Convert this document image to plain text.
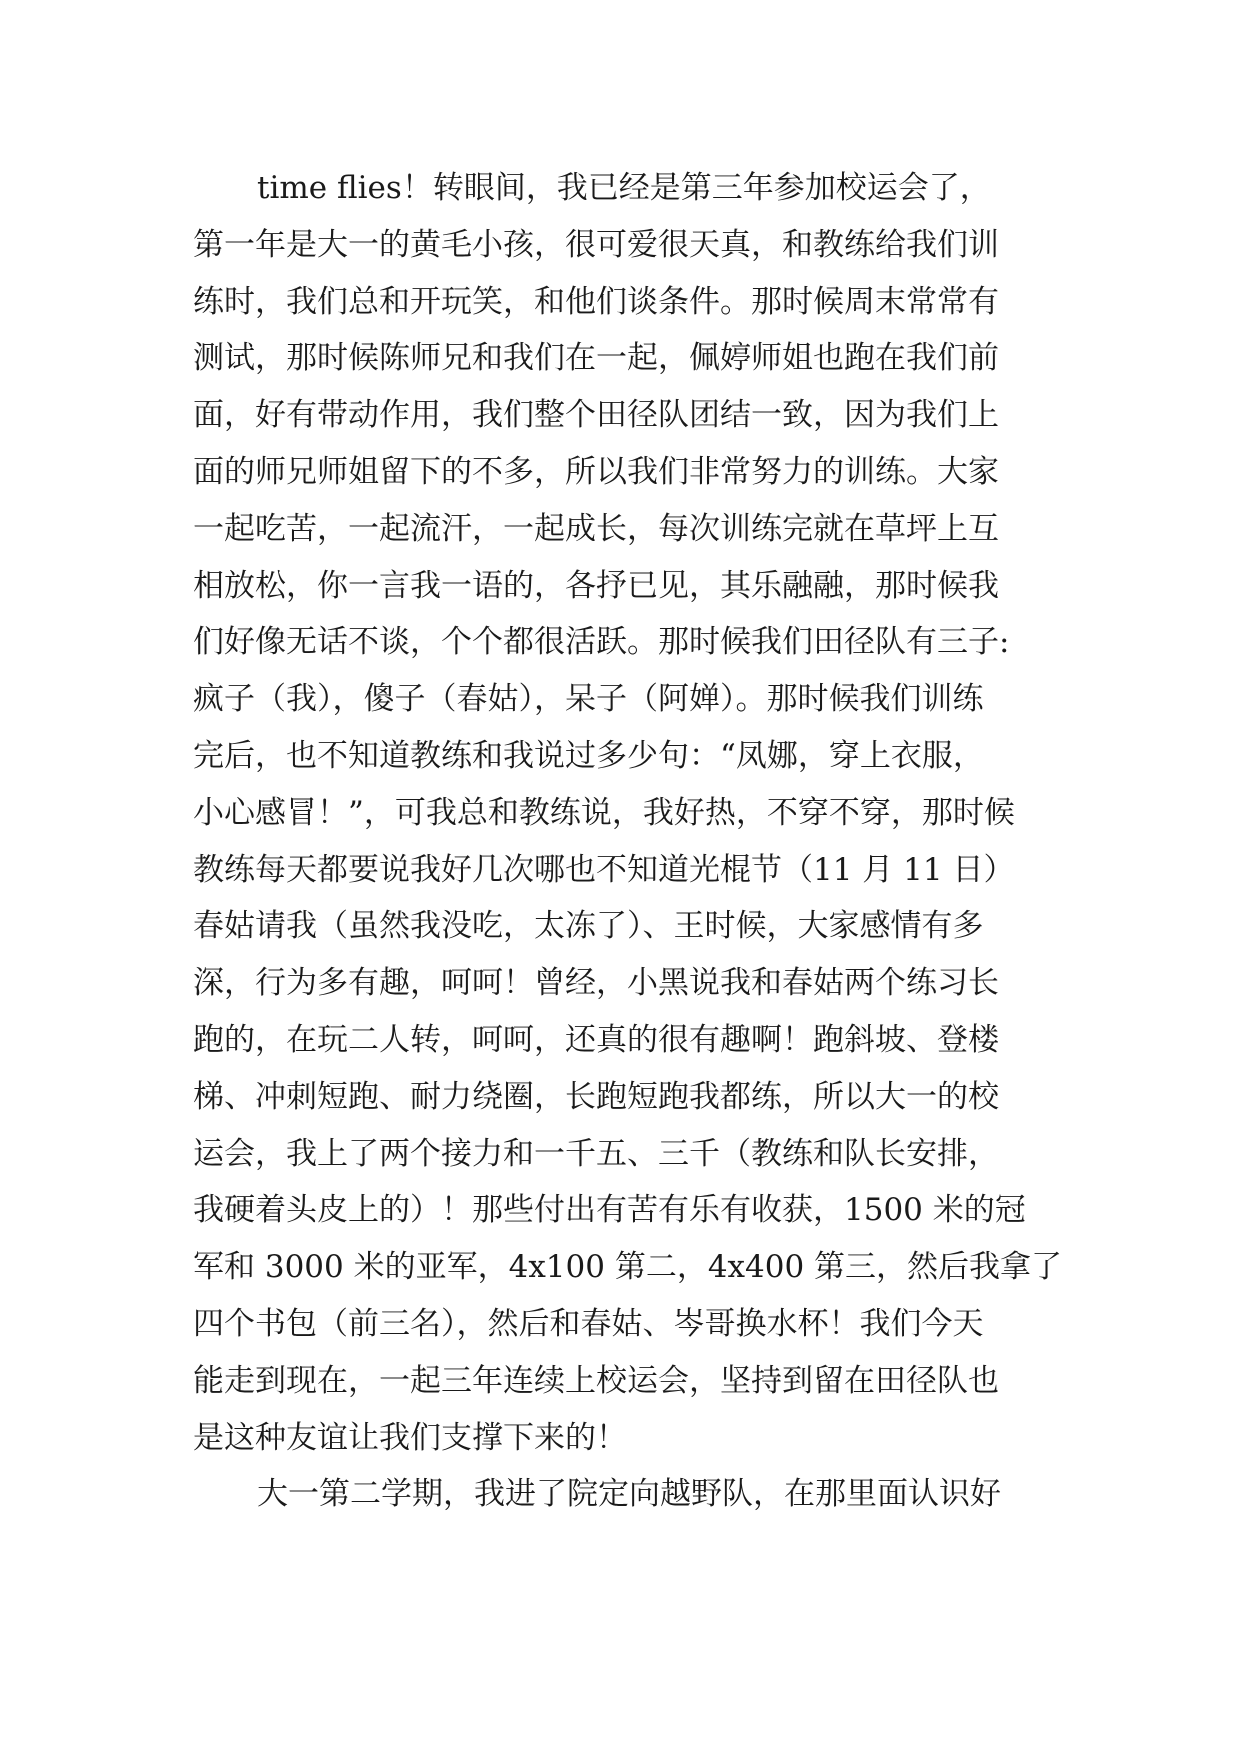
time flies！转眼间，我已经是第三年参加校运会了，
第一年是大一的黄毛小孩，很可爱很天真，和教练给我们训
练时，我们总和开玩笑，和他们谈条件。那时候周末常常有
测试，那时候陈师兄和我们在一起，佩婷师姐也跑在我们前
面，好有带动作用，我们整个田径队团结一致，因为我们上
面的师兄师姐留下的不多，所以我们非常努力的训练。大家
一起吃苦，一起流汗，一起成长，每次训练完就在草坪上互
相放松，你一言我一语的，各抒已见，其乐融融，那时候我
们好像无话不谈，个个都很活跃。那时候我们田径队有三子:
疯子（我），傻子（春姑），呆子（阿婵）。那时候我们训练
完后，也不知道教练和我说过多少句：“凤娜，穿上衣服，
小心感冒！”，可我总和教练说，我好热，不穿不穿，那时候
教练每天都要说我好几次哪也不知道光棍节（11 月 11 日）
春姑请我（虽然我没吃，太冻了）、王时候，大家感情有多
深，行为多有趣，呵呵！曾经，小黑说我和春姑两个练习长
跑的，在玩二人转，呵呵，还真的很有趣啊！跑斜坡、登楼
梯、冲刺短跑、耐力绕圈，长跑短跑我都练，所以大一的校
运会，我上了两个接力和一千五、三千（教练和队长安排，
我硬着头皮上的）！那些付出有苦有乐有收获，1500 米的冠
军和 3000 米的亚军，4x100 第二，4x400 第三，然后我拿了
四个书包（前三名），然后和春姑、岑哥换水杯！我们今天
能走到现在，一起三年连续上校运会，坚持到留在田径队也
是这种友谊让我们支撑下来的！
大一第二学期，我进了院定向越野队，在那里面认识好
